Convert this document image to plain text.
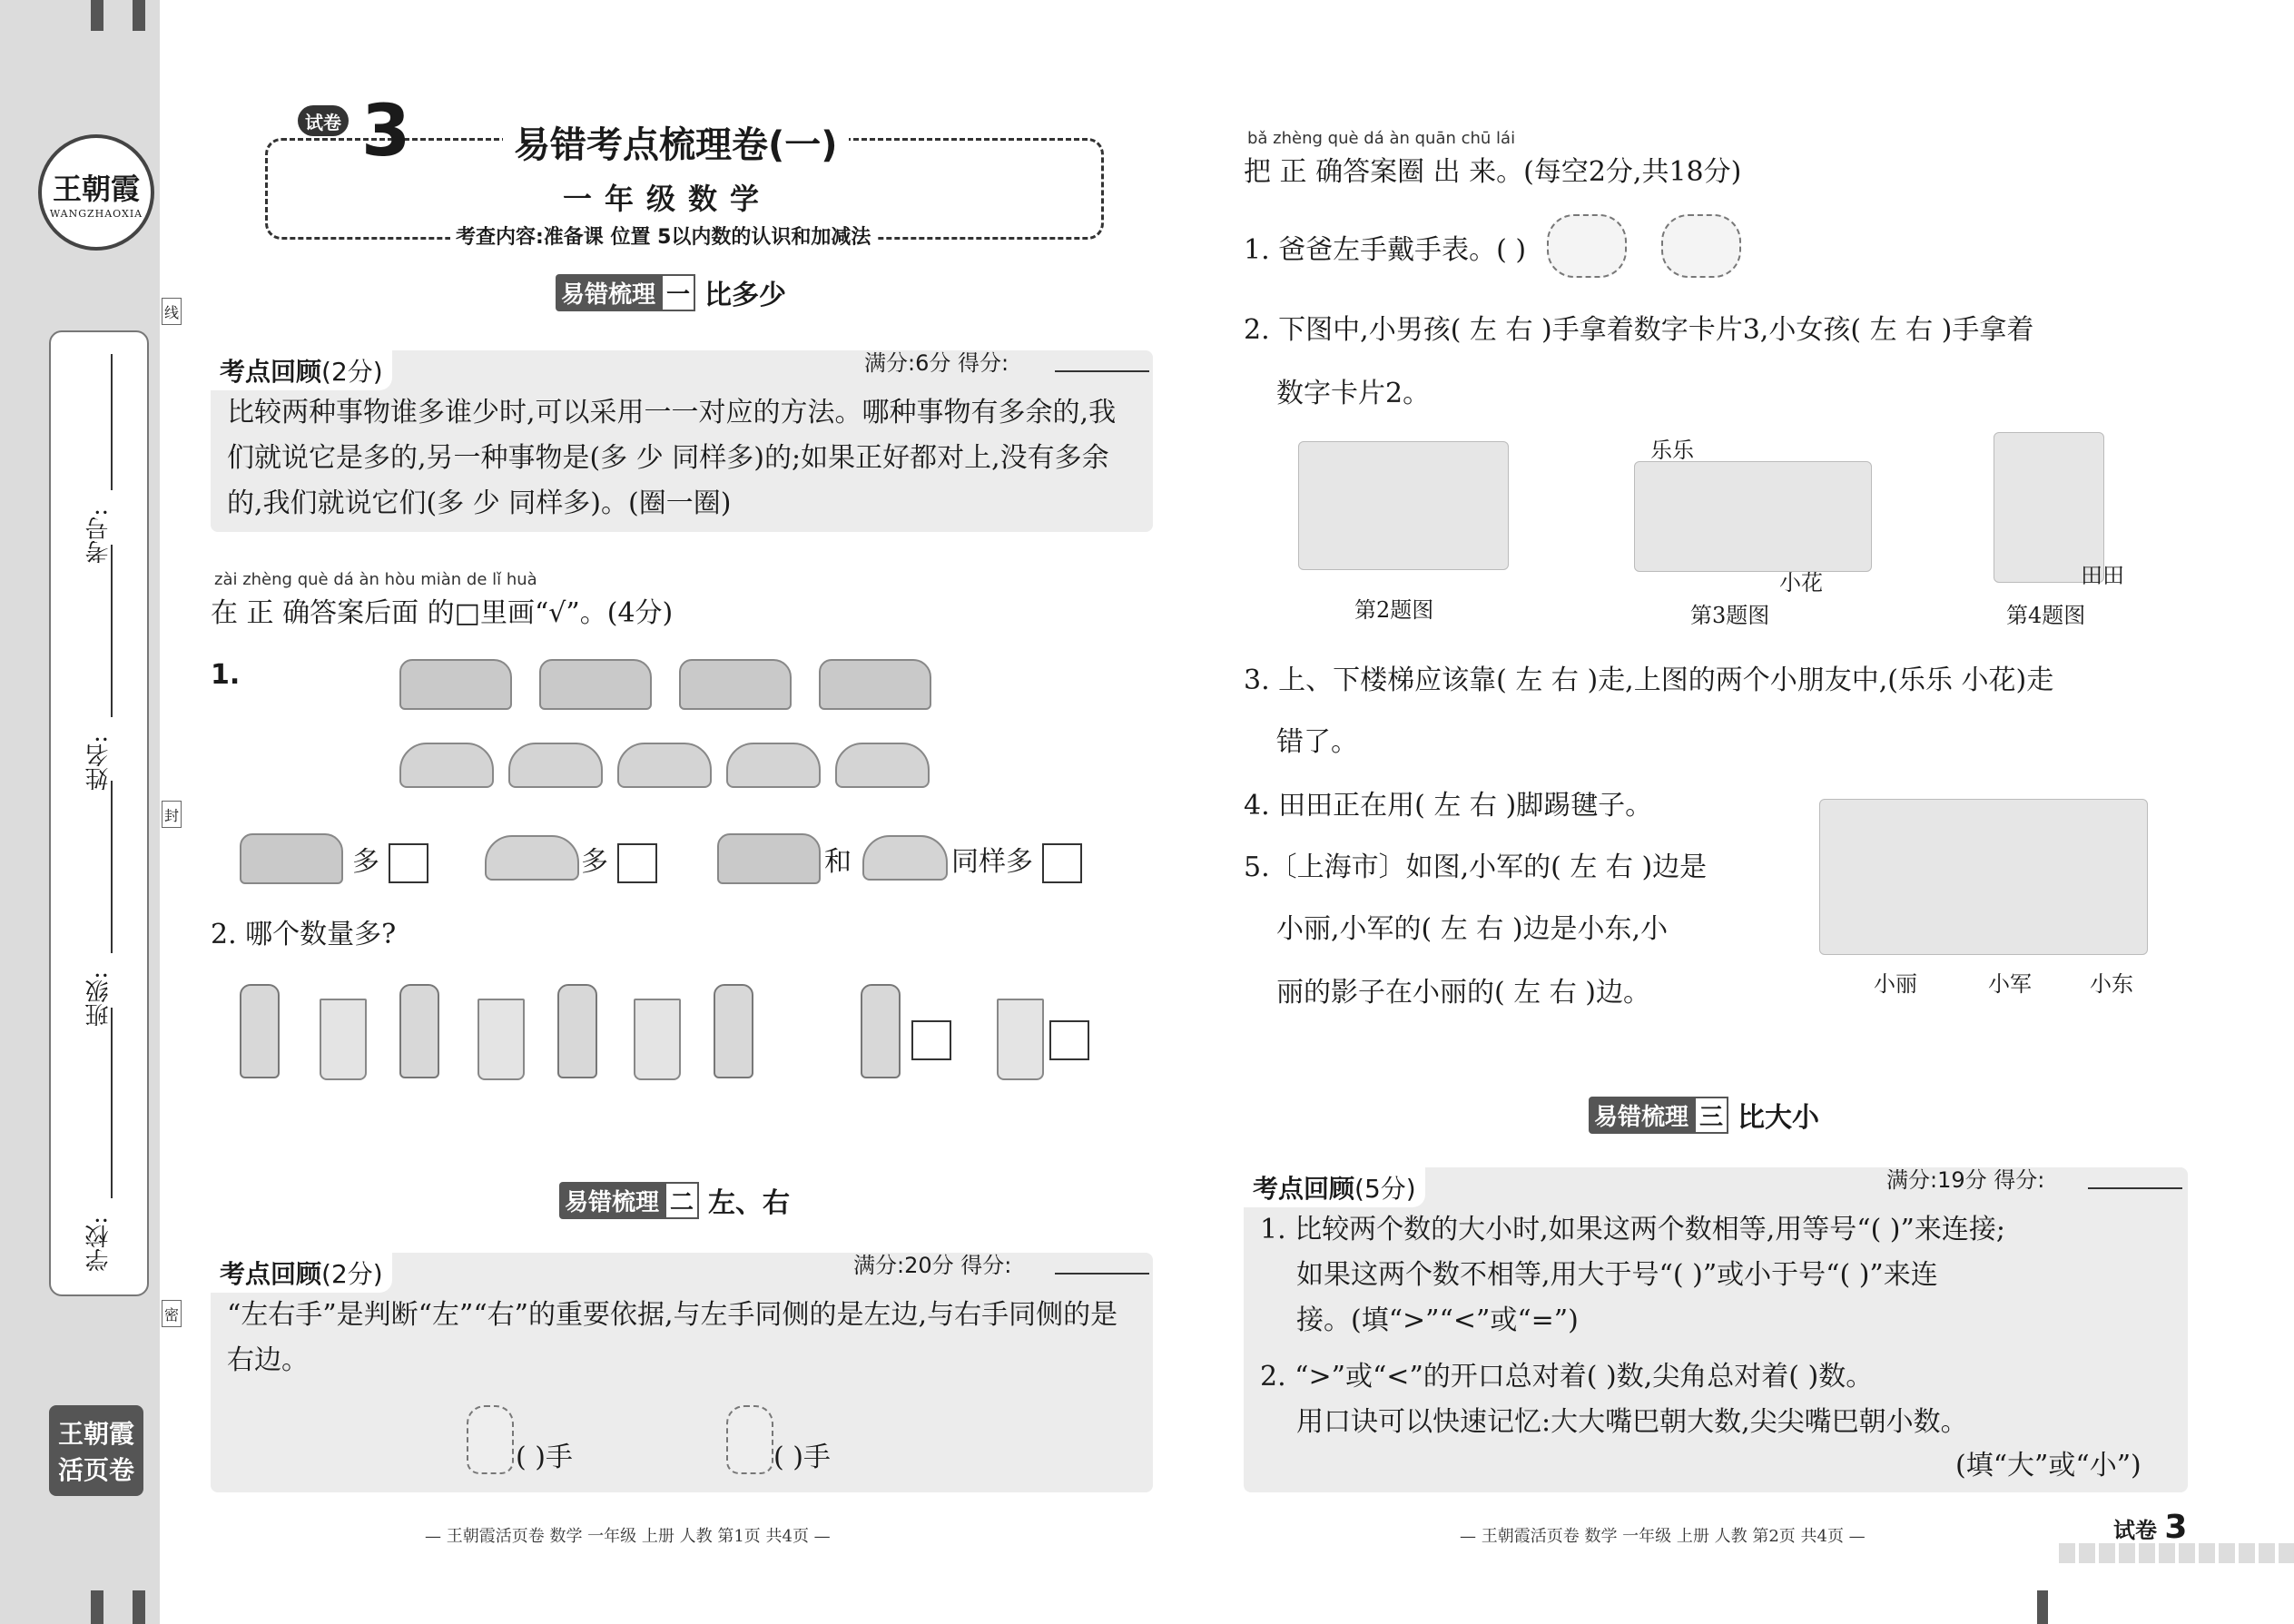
王朝霞
WANGZHAOXIA
学校:
班级:
姓名:
考号:
线
封
密
王朝霞
活页卷
试卷 3	易错考点梳理卷(一)
一年级数学
考查内容:准备课 位置 5以内数的认识和加减法
易错梳理 一 比多少
考点回顾(2分)	满分:6分 得分:
比较两种事物谁多谁少时,可以采用一一对应的方法。哪种事物有多余的,我们就说它是多的,另一种事物是(多 少 同样多)的;如果正好都对上,没有多余的,我们就说它们(多 少 同样多)。(圈一圈)
zài zhèng què dá àn hòu miàn de lǐ huà
在 正 确答案后面 的□里画“√”。(4分)
1.
多	多	和	同样多
2. 哪个数量多?
易错梳理 二 左、右
考点回顾(2分)	满分:20分 得分:
“左右手”是判断“左”“右”的重要依据,与左手同侧的是左边,与右手同侧的是右边。
( )手	( )手
— 王朝霞活页卷 数学 一年级 上册 人教 第1页 共4页 —
bǎ zhèng què dá àn quān chū lái
把 正 确答案圈 出 来。(每空2分,共18分)
1. 爸爸左手戴手表。( )
2. 下图中,小男孩( 左 右 )手拿着数字卡片3,小女孩( 左 右 )手拿着
数字卡片2。
第2题图
乐乐
小花
第3题图
田田
第4题图
3. 上、下楼梯应该靠( 左 右 )走,上图的两个小朋友中,(乐乐 小花)走
错了。
4. 田田正在用( 左 右 )脚踢毽子。
5.〔上海市〕如图,小军的( 左 右 )边是
小丽,小军的( 左 右 )边是小东,小
丽的影子在小丽的( 左 右 )边。	小丽	小军	小东
易错梳理 三 比大小
考点回顾(5分)	满分:19分 得分:
1. 比较两个数的大小时,如果这两个数相等,用等号“( )”来连接;
如果这两个数不相等,用大于号“( )”或小于号“( )”来连
接。(填“>”“<”或“=”)
2. “>”或“<”的开口总对着( )数,尖角总对着( )数。
用口诀可以快速记忆:大大嘴巴朝大数,尖尖嘴巴朝小数。
(填“大”或“小”)
— 王朝霞活页卷 数学 一年级 上册 人教 第2页 共4页 —	试卷 3
